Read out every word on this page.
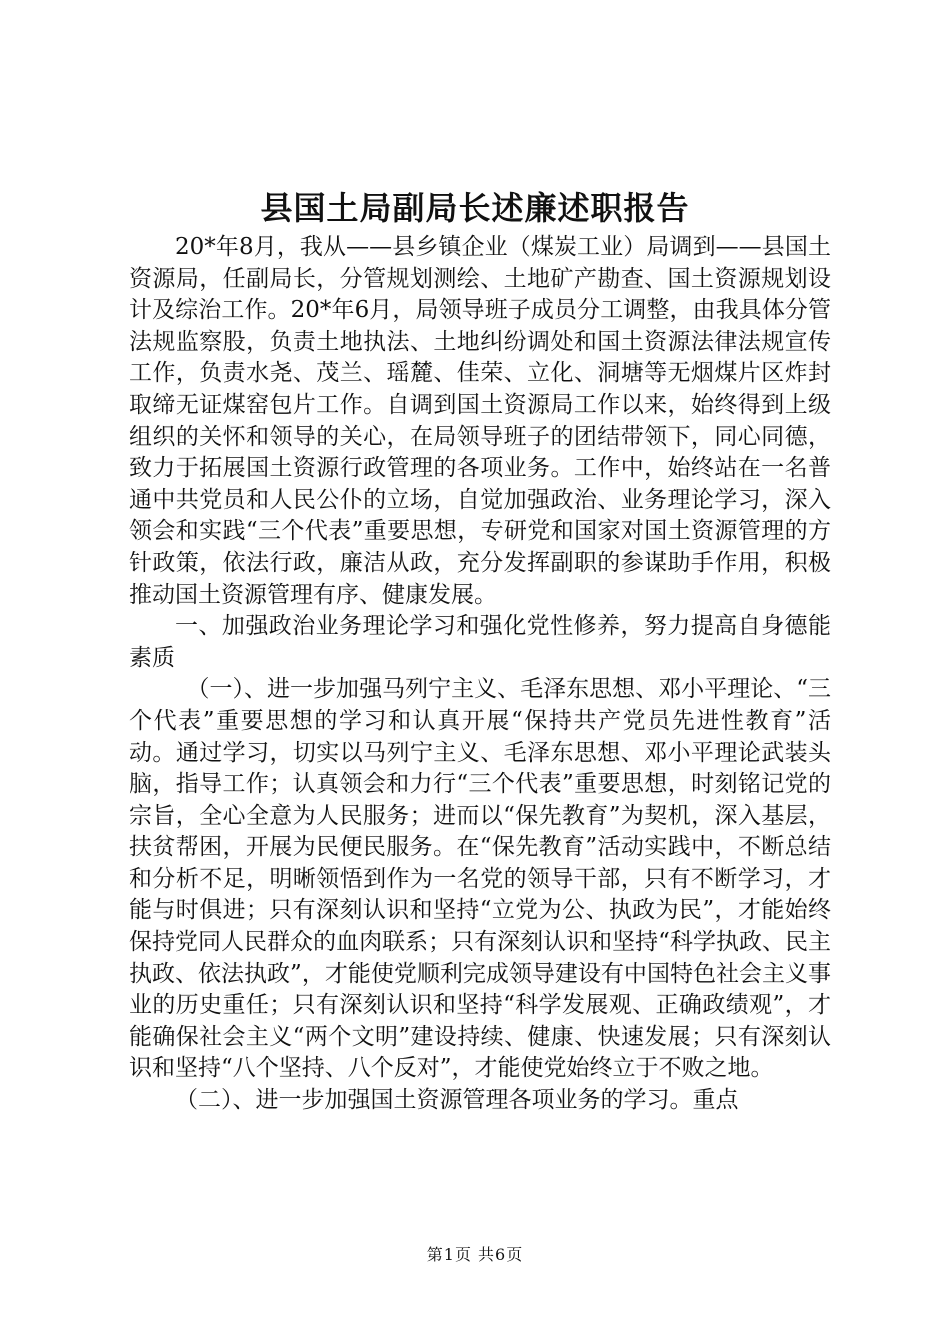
县国土局副局长述廉述职报告

20*年8月，我从——县乡镇企业（煤炭工业）局调到——县国土资源局，任副局长，分管规划测绘、土地矿产勘查、国土资源规划设计及综治工作。20*年6月，局领导班子成员分工调整，由我具体分管法规监察股，负责土地执法、土地纠纷调处和国土资源法律法规宣传工作，负责水尧、茂兰、瑶麓、佳荣、立化、洞塘等无烟煤片区炸封取缔无证煤窑包片工作。自调到国土资源局工作以来，始终得到上级组织的关怀和领导的关心，在局领导班子的团结带领下，同心同德，致力于拓展国土资源行政管理的各项业务。工作中，始终站在一名普通中共党员和人民公仆的立场，自觉加强政治、业务理论学习，深入领会和实践“三个代表”重要思想，专研党和国家对国土资源管理的方针政策，依法行政，廉洁从政，充分发挥副职的参谋助手作用，积极推动国土资源管理有序、健康发展。

一、加强政治业务理论学习和强化党性修养，努力提高自身德能素质

（一）、进一步加强马列宁主义、毛泽东思想、邓小平理论、“三个代表”重要思想的学习和认真开展“保持共产党员先进性教育”活动。通过学习，切实以马列宁主义、毛泽东思想、邓小平理论武装头脑，指导工作；认真领会和力行“三个代表”重要思想，时刻铭记党的宗旨，全心全意为人民服务；进而以“保先教育”为契机，深入基层，扶贫帮困，开展为民便民服务。在“保先教育”活动实践中，不断总结和分析不足，明晰领悟到作为一名党的领导干部，只有不断学习，才能与时俱进；只有深刻认识和坚持“立党为公、执政为民”，才能始终保持党同人民群众的血肉联系；只有深刻认识和坚持“科学执政、民主执政、依法执政”，才能使党顺利完成领导建设有中国特色社会主义事业的历史重任；只有深刻认识和坚持“科学发展观、正确政绩观”，才能确保社会主义“两个文明”建设持续、健康、快速发展；只有深刻认识和坚持“八个坚持、八个反对”，才能使党始终立于不败之地。

（二）、进一步加强国土资源管理各项业务的学习。重点

第1页 共6页
